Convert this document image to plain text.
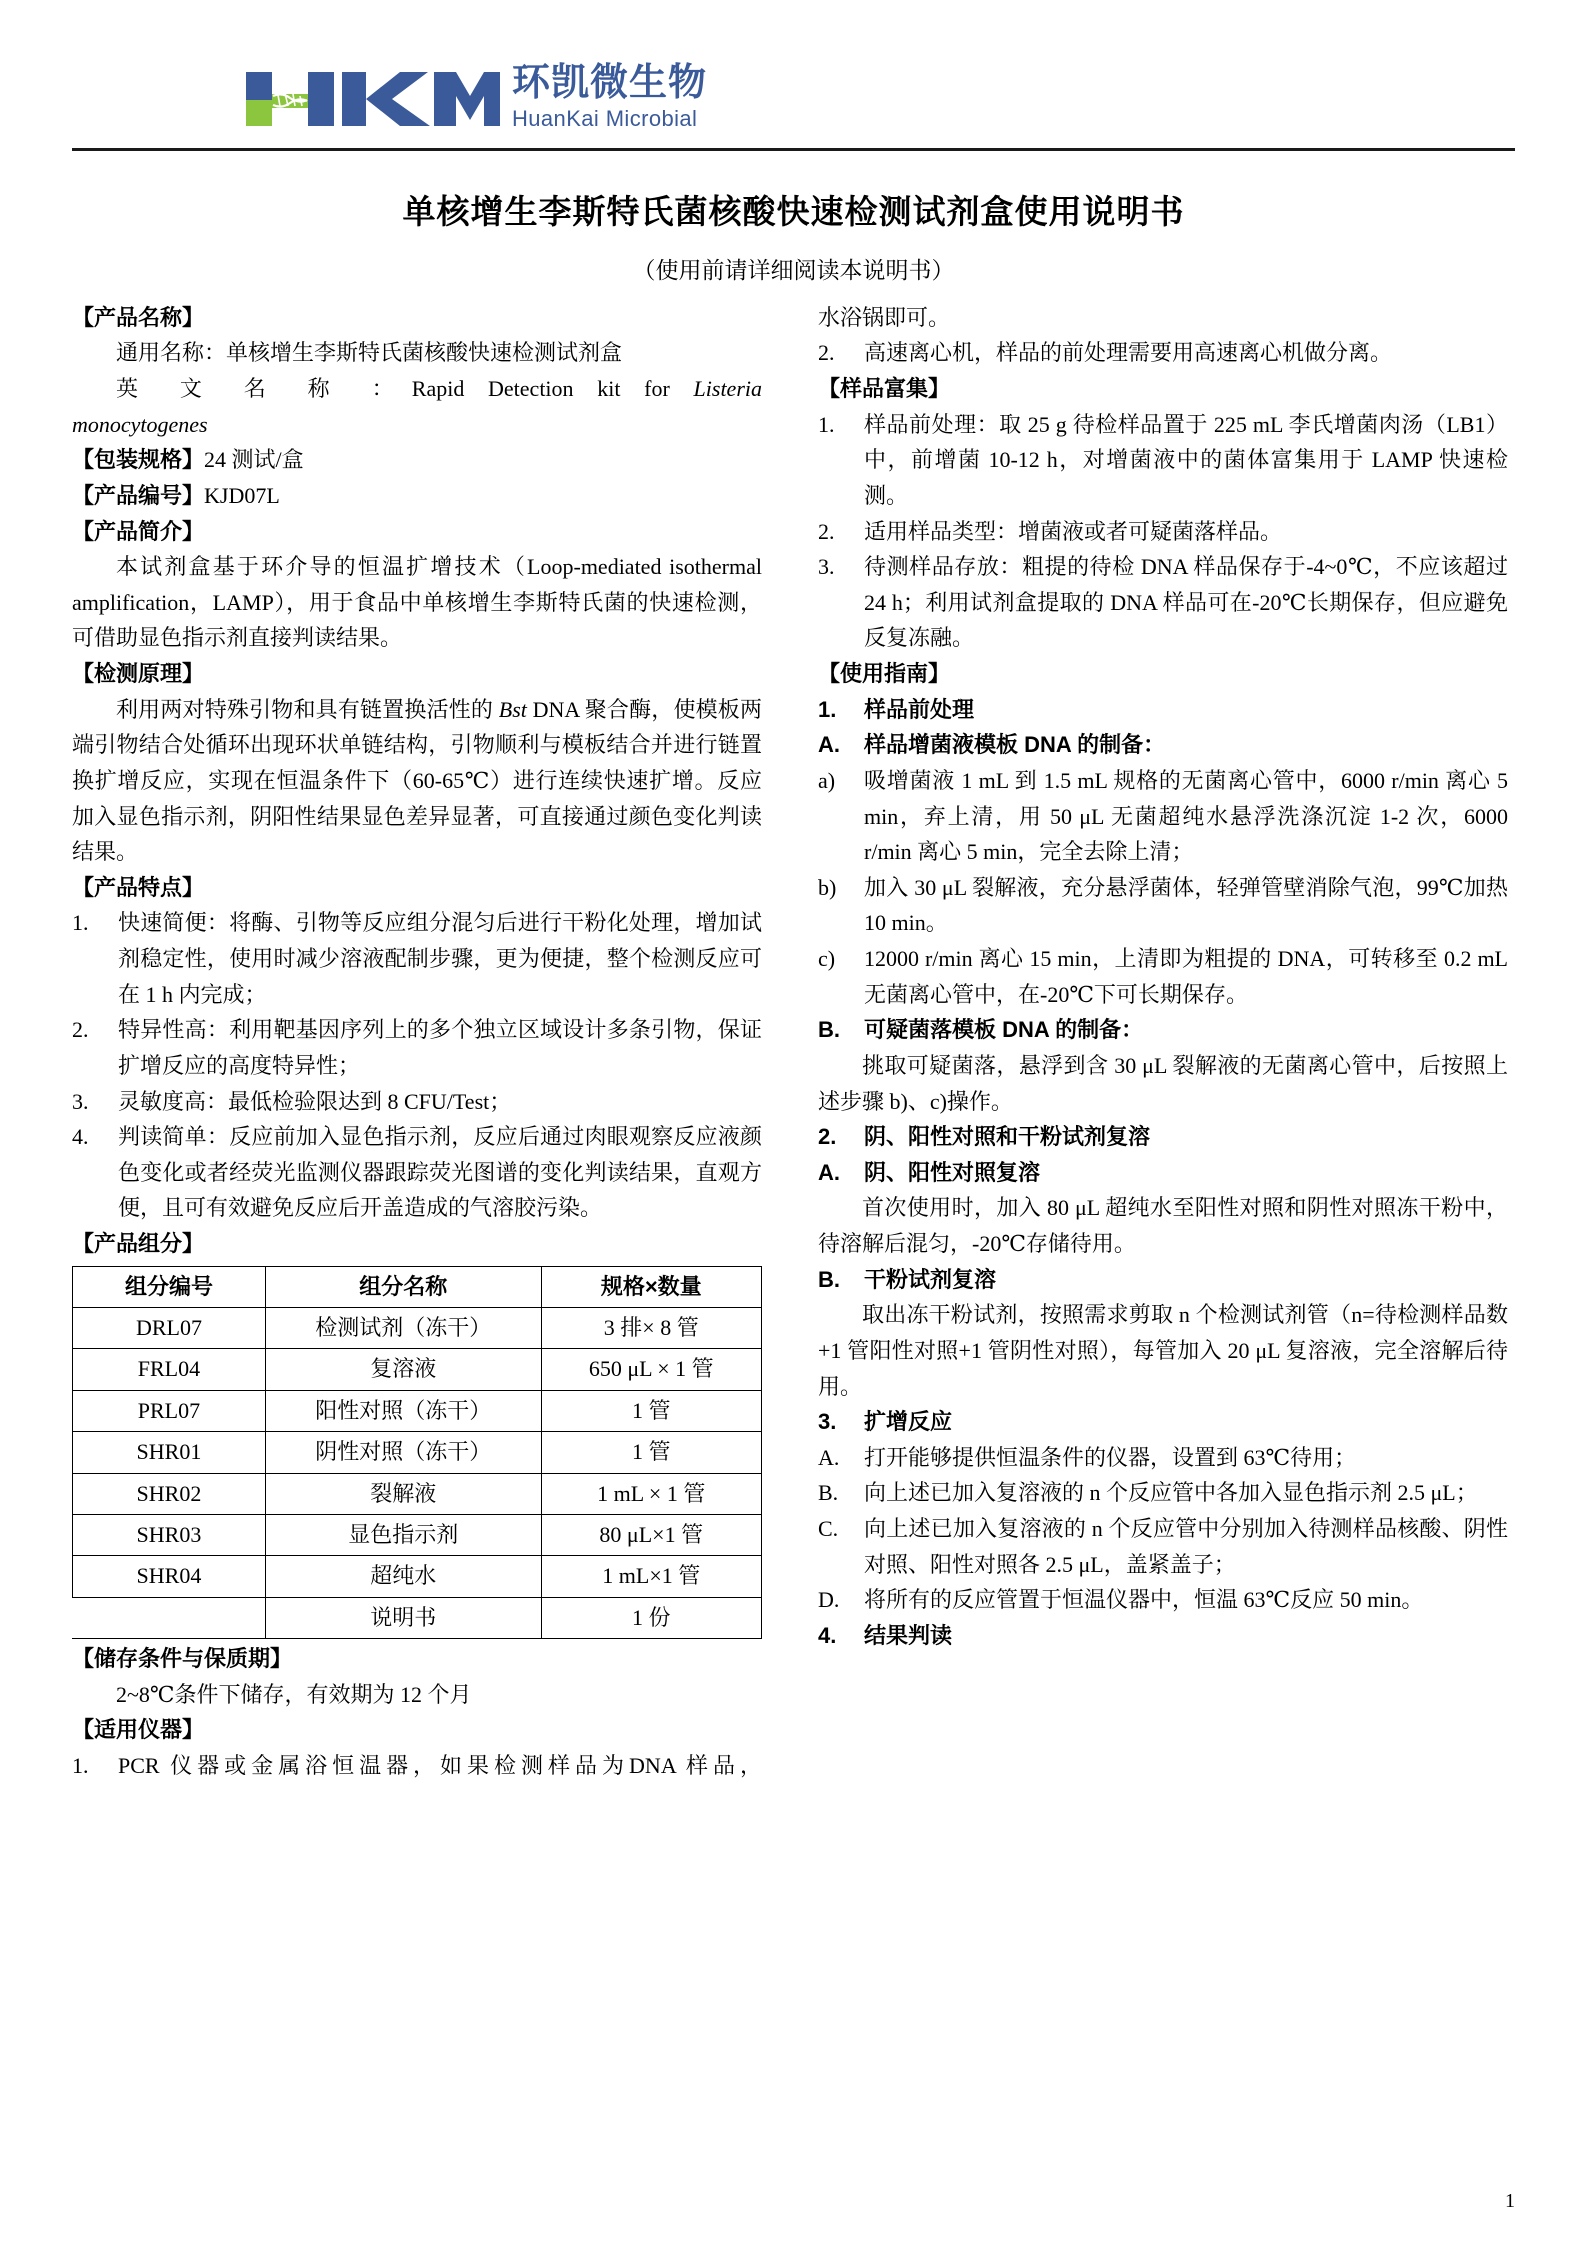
环凯微生物
HuanKai Microbial
单核增生李斯特氏菌核酸快速检测试剂盒使用说明书
（使用前请详细阅读本说明书）
【产品名称】
通用名称：单核增生李斯特氏菌核酸快速检测试剂盒
英 文 名 称 ：Rapid Detection kit for Listeria
monocytogenes
【包装规格】24 测试/盒
【产品编号】KJD07L
【产品简介】
本试剂盒基于环介导的恒温扩增技术（Loop-mediated isothermal amplification，LAMP），用于食品中单核增生李斯特氏菌的快速检测，可借助显色指示剂直接判读结果。
【检测原理】
利用两对特殊引物和具有链置换活性的 Bst DNA 聚合酶，使模板两端引物结合处循环出现环状单链结构，引物顺利与模板结合并进行链置换扩增反应，实现在恒温条件下（60-65℃）进行连续快速扩增。反应加入显色指示剂，阴阳性结果显色差异显著，可直接通过颜色变化判读结果。
【产品特点】
1.	快速简便：将酶、引物等反应组分混匀后进行干粉化处理，增加试剂稳定性，使用时减少溶液配制步骤，更为便捷，整个检测反应可在 1 h 内完成；
2.	特异性高：利用靶基因序列上的多个独立区域设计多条引物，保证扩增反应的高度特异性；
3.	灵敏度高：最低检验限达到 8 CFU/Test；
4.	判读简单：反应前加入显色指示剂，反应后通过肉眼观察反应液颜色变化或者经荧光监测仪器跟踪荧光图谱的变化判读结果，直观方便，且可有效避免反应后开盖造成的气溶胶污染。
【产品组分】
组分编号	组分名称	规格×数量
DRL07	检测试剂（冻干）	3 排× 8 管
FRL04	复溶液	650 μL × 1 管
PRL07	阳性对照（冻干）	1 管
SHR01	阴性对照（冻干）	1 管
SHR02	裂解液	1 mL × 1 管
SHR03	显色指示剂	80 μL×1 管
SHR04	超纯水	1 mL×1 管
	说明书	1 份
【储存条件与保质期】
2~8℃条件下储存，有效期为 12 个月
【适用仪器】
1.	PCR 仪器或金属浴恒温器，如果检测样品为DNA 样品，
水浴锅即可。
2.	高速离心机，样品的前处理需要用高速离心机做分离。
【样品富集】
1.	样品前处理：取 25 g 待检样品置于 225 mL 李氏增菌肉汤（LB1）中，前增菌 10-12 h，对增菌液中的菌体富集用于 LAMP 快速检测。
2.	适用样品类型：增菌液或者可疑菌落样品。
3.	待测样品存放：粗提的待检 DNA 样品保存于-4~0℃，不应该超过 24 h；利用试剂盒提取的 DNA 样品可在-20℃长期保存，但应避免反复冻融。
【使用指南】
1.	样品前处理
A.	样品增菌液模板 DNA 的制备：
a)	吸增菌液 1 mL 到 1.5 mL 规格的无菌离心管中，6000 r/min 离心 5 min，弃上清，用 50 μL 无菌超纯水悬浮洗涤沉淀 1-2 次，6000 r/min 离心 5 min，完全去除上清；
b)	加入 30 μL 裂解液，充分悬浮菌体，轻弹管壁消除气泡，99℃加热 10 min。
c)	12000 r/min 离心 15 min，上清即为粗提的 DNA，可转移至 0.2 mL 无菌离心管中，在-20℃下可长期保存。
B.	可疑菌落模板 DNA 的制备：
挑取可疑菌落，悬浮到含 30 μL 裂解液的无菌离心管中，后按照上述步骤 b)、c)操作。
2.	阴、阳性对照和干粉试剂复溶
A.	阴、阳性对照复溶
首次使用时，加入 80 μL 超纯水至阳性对照和阴性对照冻干粉中，待溶解后混匀，-20℃存储待用。
B.	干粉试剂复溶
取出冻干粉试剂，按照需求剪取 n 个检测试剂管（n=待检测样品数+1 管阳性对照+1 管阴性对照），每管加入 20 μL 复溶液，完全溶解后待用。
3.	扩增反应
A.	打开能够提供恒温条件的仪器，设置到 63℃待用；
B.	向上述已加入复溶液的 n 个反应管中各加入显色指示剂 2.5 μL；
C.	向上述已加入复溶液的 n 个反应管中分别加入待测样品核酸、阴性对照、阳性对照各 2.5 μL，盖紧盖子；
D.	将所有的反应管置于恒温仪器中，恒温 63℃反应 50 min。
4.	结果判读
1
